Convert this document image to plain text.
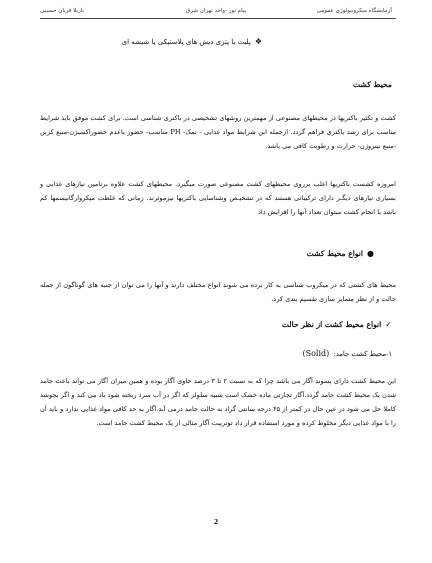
آزمایشگاه میکروبیولوژی عمومی
پیام نور -واحد تهران شرق
نازیلا قربان حسینی
❖
پلیت یا پتری دیش های پلاستیکی یا شیشه ای
محیط کشت
کشت و تکثیر باکتریها در محیطهای مصنوعی از مهمترین روشهای تشخیصی در باکتری شناسی است. برای کشت موفق باید شرایط مناسب برای رشد باکتری فراهم گردد. ازجمله این شرایط مواد غذایی - نمک- PH مناسب- حضور یاعدم حضوراکسیژن-منبع کربن -منبع نیتروژن- حرارت و رطوبت کافی می باشد.
امروزه کشست باکتریها اغلب برروی محیطهای کشت مصنوعی صورت میگیرد. محیطهای کشت علاوه برتامین نیازهای غذایی و بسیاری نیازهای دیگـر دارای ترکیباتی هستند که در تشخیـص وشناسایی باکتریها نیزموثرند. زمانی که غلظت میکروارگانیسمها کم باشد با انجام کشت میتوان تعداد آنها را افزایش داد
●
انواع محیط کشت
محیط های کشتی که در میکروب شناسی به کار برده می شوند انواع مختلف دارند و آنها را می توان از جنبه های گوناگون از جمله حالت و از نظر متمایز سازی تقسیم بندی کرد.
✓
انواع محیط کشت از نظر حالت
۱-محیط کشت جامد: (Solid)
این محیط کشت دارای پسوند آگار می باشد چرا که به نسبت ۲ تا ۳ درصد حاوی آگار بوده و همین میزان آگار می تواند باعث جامد شدن یک محیط کشت جامد گردد.آگار تجارتی ماده خشک است شبیه سلولز که اگر در آب سرد ریخته شود باد می کند و اگر بجوشد کاملا حل می شود در عین حال در کمتر از ۴۵ درجه سانتی گراد به حالت جامد درمی آید.آگار به حد کافی مواد غذایی ندارد و باید آن را با مواد غذایی دیگر مخلوط کرده و مورد استفاده قرار داد توتریبت آگار مثالی از یک محیط کشت جامد است.
2
